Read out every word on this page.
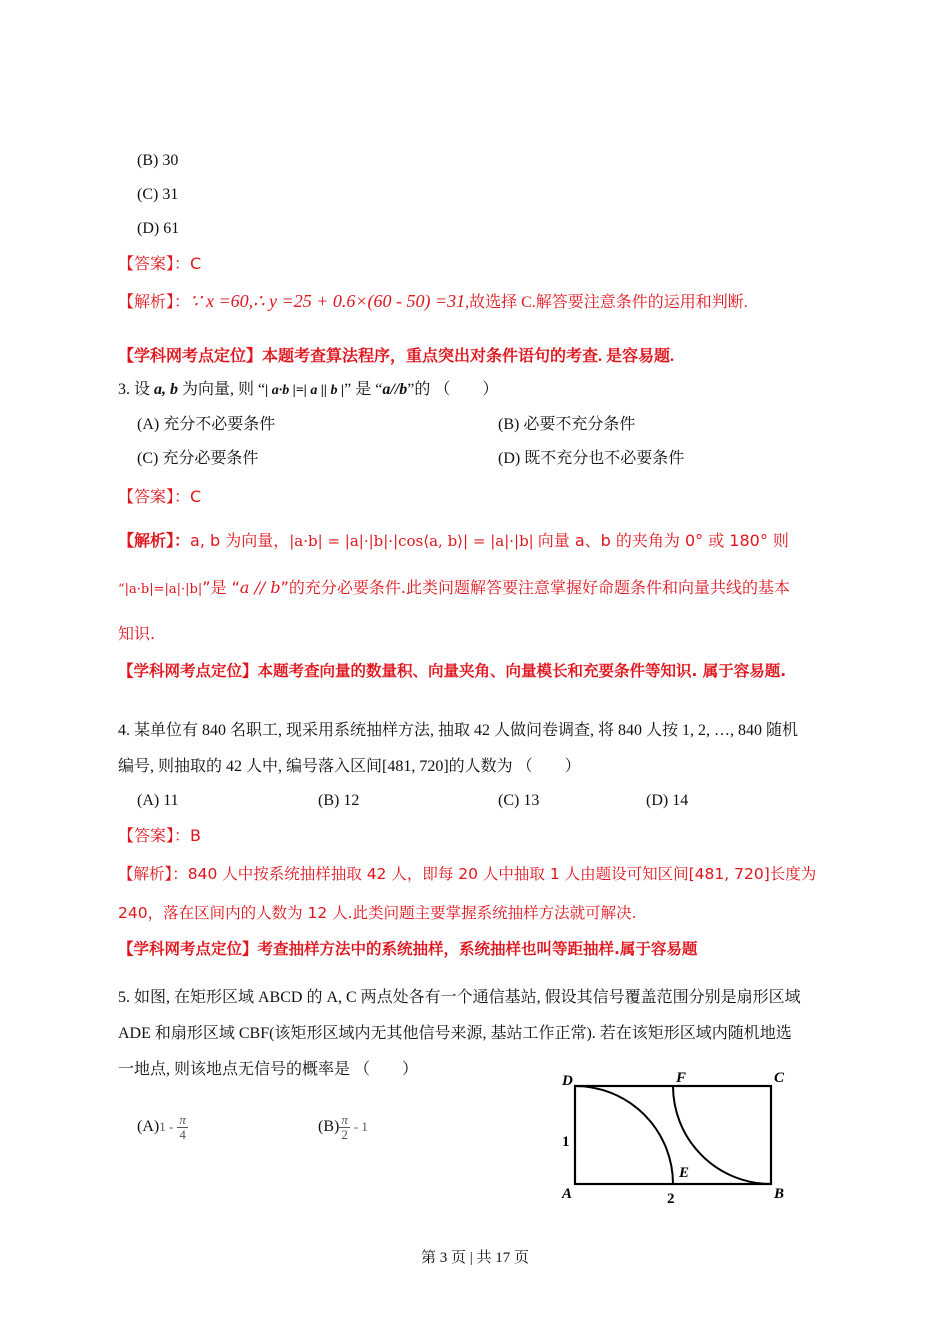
(B) 30
(C) 31
(D) 61
【答案】：C
【解析】：∵ x =60,∴ y =25 + 0.6×(60 - 50) =31,故选择 C.解答要注意条件的运用和判断.
【学科网考点定位】本题考查算法程序，重点突出对条件语句的考查. 是容易题.
3. 设 a, b 为向量, 则 “| a·b |=| a || b |” 是 “a//b”的 （　　）
(A) 充分不必要条件	(B) 必要不充分条件
(C) 充分必要条件	(D) 既不充分也不必要条件
【答案】：C
【解析】：a, b 为向量，|a·b| = |a|·|b|·|cos⟨a, b⟩| = |a|·|b| 向量 a、b 的夹角为 0° 或 180° 则
“|a·b|=|a|·|b|”是 “a // b”的充分必要条件.此类问题解答要注意掌握好命题条件和向量共线的基本
知识.
【学科网考点定位】本题考查向量的数量积、向量夹角、向量模长和充要条件等知识. 属于容易题.
4. 某单位有 840 名职工, 现采用系统抽样方法, 抽取 42 人做问卷调查, 将 840 人按 1, 2, …, 840 随机
编号, 则抽取的 42 人中, 编号落入区间[481, 720]的人数为 （　　）
(A) 11	(B) 12	(C) 13	(D) 14
【答案】：B
【解析】：840 人中按系统抽样抽取 42 人，即每 20 人中抽取 1 人由题设可知区间[481, 720]长度为
240，落在区间内的人数为 12 人.此类问题主要掌握系统抽样方法就可解决.
【学科网考点定位】考查抽样方法中的系统抽样，系统抽样也叫等距抽样.属于容易题
5. 如图, 在矩形区域 ABCD 的 A, C 两点处各有一个通信基站, 假设其信号覆盖范围分别是扇形区域
ADE 和扇形区域 CBF(该矩形区域内无其他信号来源, 基站工作正常). 若在该矩形区域内随机地选
一地点, 则该地点无信号的概率是 （　　）
$(A)1 - \frac{\pi}{4}$	$(B) \frac{\pi}{2} - 1$
D	F	C
A	B
E
1
2
第 3 页 | 共 17 页
